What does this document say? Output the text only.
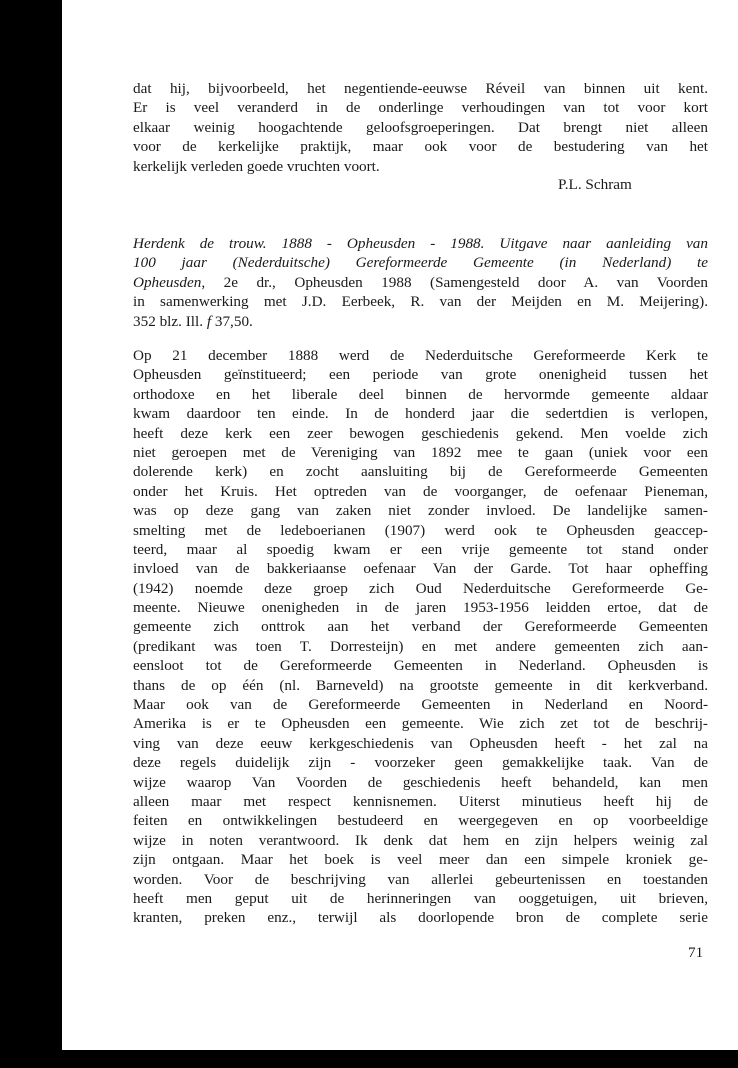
dat hij, bijvoorbeeld, het negentiende-eeuwse Réveil van binnen uit kent.
Er is veel veranderd in de onderlinge verhoudingen van tot voor kort
elkaar weinig hoogachtende geloofsgroeperingen. Dat brengt niet alleen
voor de kerkelijke praktijk, maar ook voor de bestudering van het
kerkelijk verleden goede vruchten voort.
P.L. Schram
Herdenk de trouw. 1888 - Opheusden - 1988. Uitgave naar aanleiding van
100 jaar (Nederduitsche) Gereformeerde Gemeente (in Nederland) te
Opheusden, 2e dr., Opheusden 1988 (Samengesteld door A. van Voorden
in samenwerking met J.D. Eerbeek, R. van der Meijden en M. Meijering).
352 blz. Ill. f 37,50.
Op 21 december 1888 werd de Nederduitsche Gereformeerde Kerk te
Opheusden geïnstitueerd; een periode van grote onenigheid tussen het
orthodoxe en het liberale deel binnen de hervormde gemeente aldaar
kwam daardoor ten einde. In de honderd jaar die sedertdien is verlopen,
heeft deze kerk een zeer bewogen geschiedenis gekend. Men voelde zich
niet geroepen met de Vereniging van 1892 mee te gaan (uniek voor een
dolerende kerk) en zocht aansluiting bij de Gereformeerde Gemeenten
onder het Kruis. Het optreden van de voorganger, de oefenaar Pieneman,
was op deze gang van zaken niet zonder invloed. De landelijke samen-
smelting met de ledeboerianen (1907) werd ook te Opheusden geaccep-
teerd, maar al spoedig kwam er een vrije gemeente tot stand onder
invloed van de bakkeriaanse oefenaar Van der Garde. Tot haar opheffing
(1942) noemde deze groep zich Oud Nederduitsche Gereformeerde Ge-
meente. Nieuwe onenigheden in de jaren 1953-1956 leidden ertoe, dat de
gemeente zich onttrok aan het verband der Gereformeerde Gemeenten
(predikant was toen T. Dorresteijn) en met andere gemeenten zich aan-
eensloot tot de Gereformeerde Gemeenten in Nederland. Opheusden is
thans de op één (nl. Barneveld) na grootste gemeente in dit kerkverband.
Maar ook van de Gereformeerde Gemeenten in Nederland en Noord-
Amerika is er te Opheusden een gemeente. Wie zich zet tot de beschrij-
ving van deze eeuw kerkgeschiedenis van Opheusden heeft - het zal na
deze regels duidelijk zijn - voorzeker geen gemakkelijke taak. Van de
wijze waarop Van Voorden de geschiedenis heeft behandeld, kan men
alleen maar met respect kennisnemen. Uiterst minutieus heeft hij de
feiten en ontwikkelingen bestudeerd en weergegeven en op voorbeeldige
wijze in noten verantwoord. Ik denk dat hem en zijn helpers weinig zal
zijn ontgaan. Maar het boek is veel meer dan een simpele kroniek ge-
worden. Voor de beschrijving van allerlei gebeurtenissen en toestanden
heeft men geput uit de herinneringen van ooggetuigen, uit brieven,
kranten, preken enz., terwijl als doorlopende bron de complete serie
71
